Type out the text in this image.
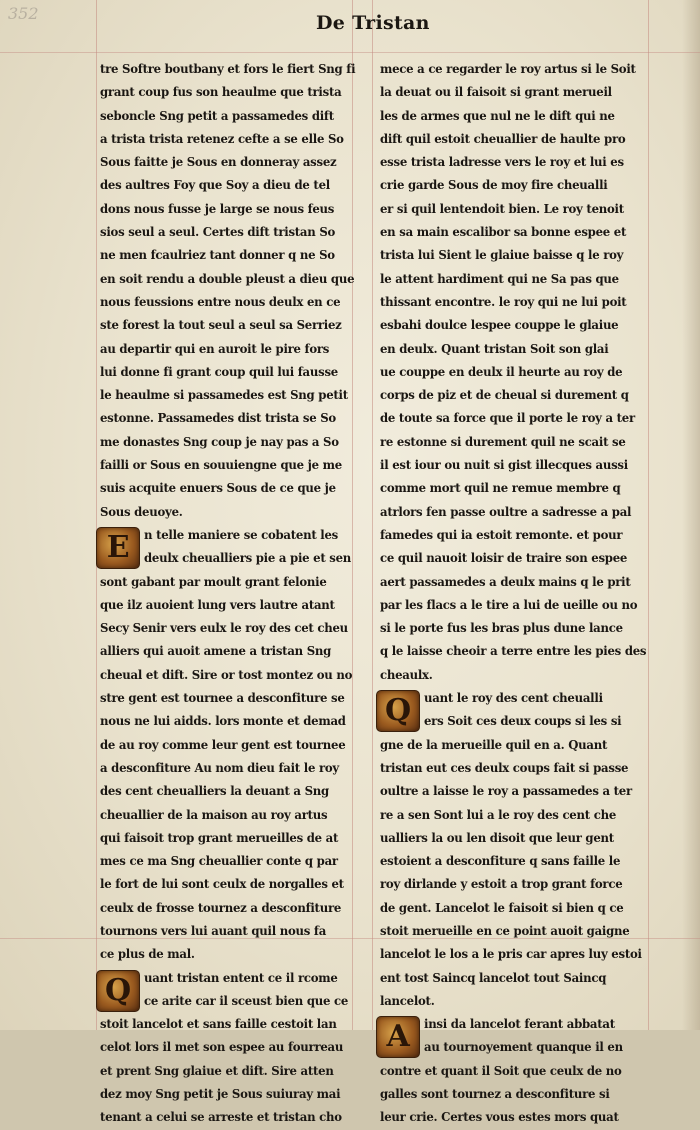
352	De Tristan
tre Softre boutbany et fors le fiert Sng fi
grant coup fus son heaulme que trista
seboncle Sng petit a passamedes dift
a trista trista retenez cefte a se elle So
Sous faitte je Sous en donneray assez
des aultres Foy que Soy a dieu de tel
dons nous fusse je large se nous feus
sios seul a seul. Certes dift tristan So
ne men fcaulriez tant donner q ne So
en soit rendu a double pleust a dieu que
nous feussions entre nous deulx en ce
ste forest la tout seul a seul sa Serriez
au departir qui en auroit le pire fors
lui donne fi grant coup quil lui fausse
le heaulme si passamedes est Sng petit
estonne. Passamedes dist trista se So
me donastes Sng coup je nay pas a So
failli or Sous en souuiengne que je me
suis acquite enuers Sous de ce que je
Sous deuoye.
E	n telle maniere se cobatent les
deulx cheualliers pie a pie et sen
sont gabant par moult grant felonie
que ilz auoient lung vers lautre atant
Secy Senir vers eulx le roy des cet cheu
alliers qui auoit amene a tristan Sng
cheual et dift. Sire or tost montez ou no
stre gent est tournee a desconfiture se
nous ne lui aidds. lors monte et demad
de au roy comme leur gent est tournee
a desconfiture Au nom dieu fait le roy
des cent cheualliers la deuant a Sng
cheuallier de la maison au roy artus
qui faisoit trop grant merueilles de at
mes ce ma Sng cheuallier conte q par
le fort de lui sont ceulx de norgalles et
ceulx de frosse tournez a desconfiture
tournons vers lui auant quil nous fa
ce plus de mal.
Q	uant tristan entent ce il rcome
ce arite car il sceust bien que ce
stoit lancelot et sans faille cestoit lan
celot lors il met son espee au fourreau
et prent Sng glaiue et dift. Sire atten
dez moy Sng petit je Sous suiuray mai
tenant a celui se arreste et tristan cho
mece a ce regarder le roy artus si le Soit
la deuat ou il faisoit si grant merueil
les de armes que nul ne le dift qui ne
dift quil estoit cheuallier de haulte pro
esse trista ladresse vers le roy et lui es
crie garde Sous de moy fire cheualli
er si quil lentendoit bien. Le roy tenoit
en sa main escalibor sa bonne espee et
trista lui Sient le glaiue baisse q le roy
le attent hardiment qui ne Sa pas que
thissant encontre. le roy qui ne lui poit
esbahi doulce lespee couppe le glaiue
en deulx. Quant tristan Soit son glai
ue couppe en deulx il heurte au roy de
corps de piz et de cheual si durement q
de toute sa force que il porte le roy a ter
re estonne si durement quil ne scait se
il est iour ou nuit si gist illecques aussi
comme mort quil ne remue membre q
atrlors fen passe oultre a sadresse a pal
famedes qui ia estoit remonte. et pour
ce quil nauoit loisir de traire son espee
aert passamedes a deulx mains q le prit
par les flacs a le tire a lui de ueille ou no
si le porte fus les bras plus dune lance
q le laisse cheoir a terre entre les pies des
cheaulx.
Q	uant le roy des cent cheualli
ers Soit ces deux coups si les si
gne de la merueille quil en a. Quant
tristan eut ces deulx coups fait si passe
oultre a laisse le roy a passamedes a ter
re a sen Sont lui a le roy des cent che
ualliers la ou len disoit que leur gent
estoient a desconfiture q sans faille le
roy dirlande y estoit a trop grant force
de gent. Lancelot le faisoit si bien q ce
stoit merueille en ce point auoit gaigne
lancelot le los a le pris car apres luy estoi
ent tost Saincq lancelot tout Saincq
lancelot.
A	insi da lancelot ferant abbatat
au tournoyement quanque il en
contre et quant il Soit que ceulx de no
galles sont tournez a desconfiture si
leur crie. Certes vous estes mors quat
